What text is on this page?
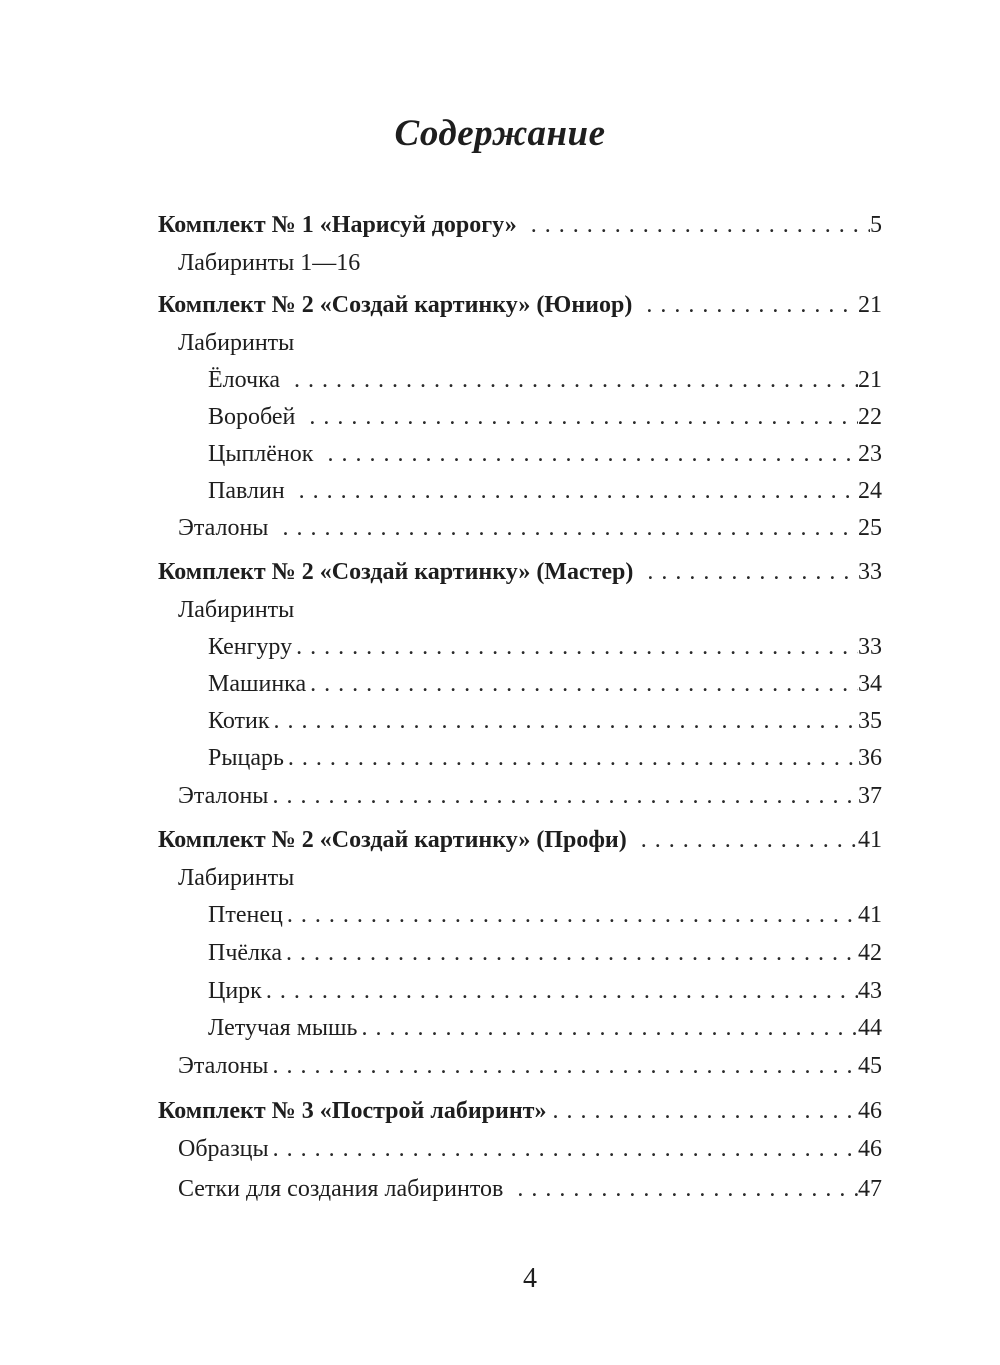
Содержание
Комплект № 1 «Нарисуй дорогу» . . .	5
Лабиринты 1—16
Комплект № 2 «Создай картинку» (Юниор) . . .	21
Лабиринты
Ёлочка . . .	21
Воробей . . .	22
Цыплёнок . . .	23
Павлин . . .	24
Эталоны . . .	25
Комплект № 2 «Создай картинку» (Мастер) . . .	33
Лабиринты
Кенгуру . . .	33
Машинка . . .	34
Котик . . .	35
Рыцарь . . .	36
Эталоны . . .	37
Комплект № 2 «Создай картинку» (Профи) . . .	41
Лабиринты
Птенец . . .	41
Пчёлка . . .	42
Цирк . . .	43
Летучая мышь . . .	44
Эталоны . . .	45
Комплект № 3 «Построй лабиринт» . . .	46
Образцы . . .	46
Сетки для создания лабиринтов . . .	47
4
